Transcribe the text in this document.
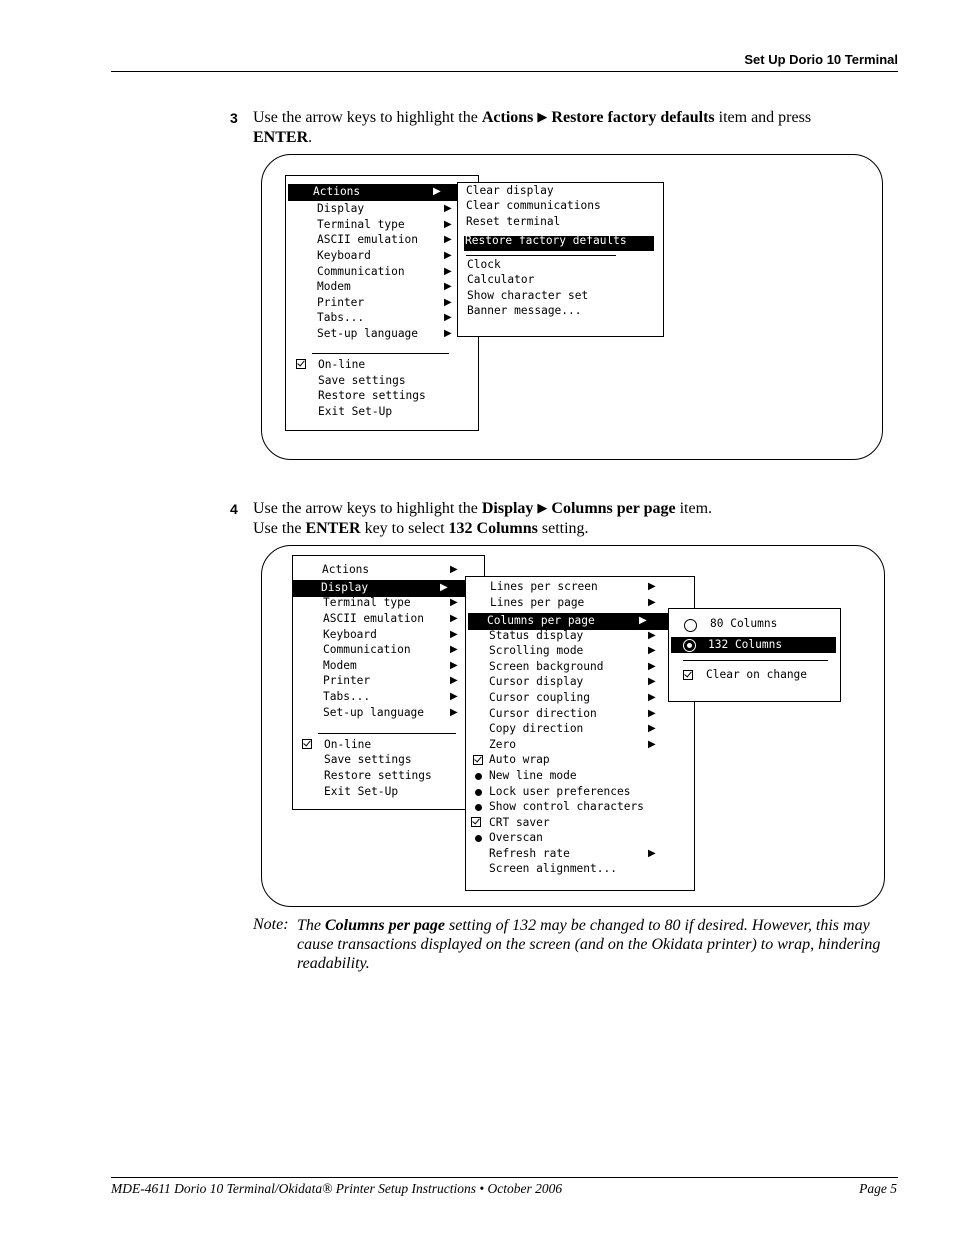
Set Up Dorio 10 Terminal
3 Use the arrow keys to highlight the Actions ▶ Restore factory defaults item and press
ENTER.
Actions	▶
Display
Terminal type
ASCII emulation
Keyboard
Communication
Modem
Printer
Tabs...
Set-up language
▶
▶
▶
▶
▶
▶
▶
▶
▶
On-line
Save settings
Restore settings
Exit Set-Up
Clear display
Clear communications
Reset terminal
Restore factory defaults
Clock
Calculator
Show character set
Banner message...
4 Use the arrow keys to highlight the Display ▶ Columns per page item.
Use the ENTER key to select 132 Columns setting.
Actions	▶
Display	▶
Terminal type
ASCII emulation
Keyboard
Communication
Modem
Printer
Tabs...
Set-up language
▶
▶
▶
▶
▶
▶
▶
▶
On-line
Save settings
Restore settings
Exit Set-Up
Lines per screen
Lines per page
Columns per page	▶
Status display
Scrolling mode
Screen background
Cursor display
Cursor coupling
Cursor direction
Copy direction
Zero
Auto wrap
New line mode
Lock user preferences
Show control characters
CRT saver
Overscan
Refresh rate
Screen alignment...
▶
▶
▶
▶
▶
▶
▶
▶
▶
▶
▶
80 Columns
132 Columns
Clear on change
Note: The Columns per page setting of 132 may be changed to 80 if desired. However, this may cause transactions displayed on the screen (and on the Okidata printer) to wrap, hindering readability.
MDE-4611 Dorio 10 Terminal/Okidata® Printer Setup Instructions • October 2006	Page 5
